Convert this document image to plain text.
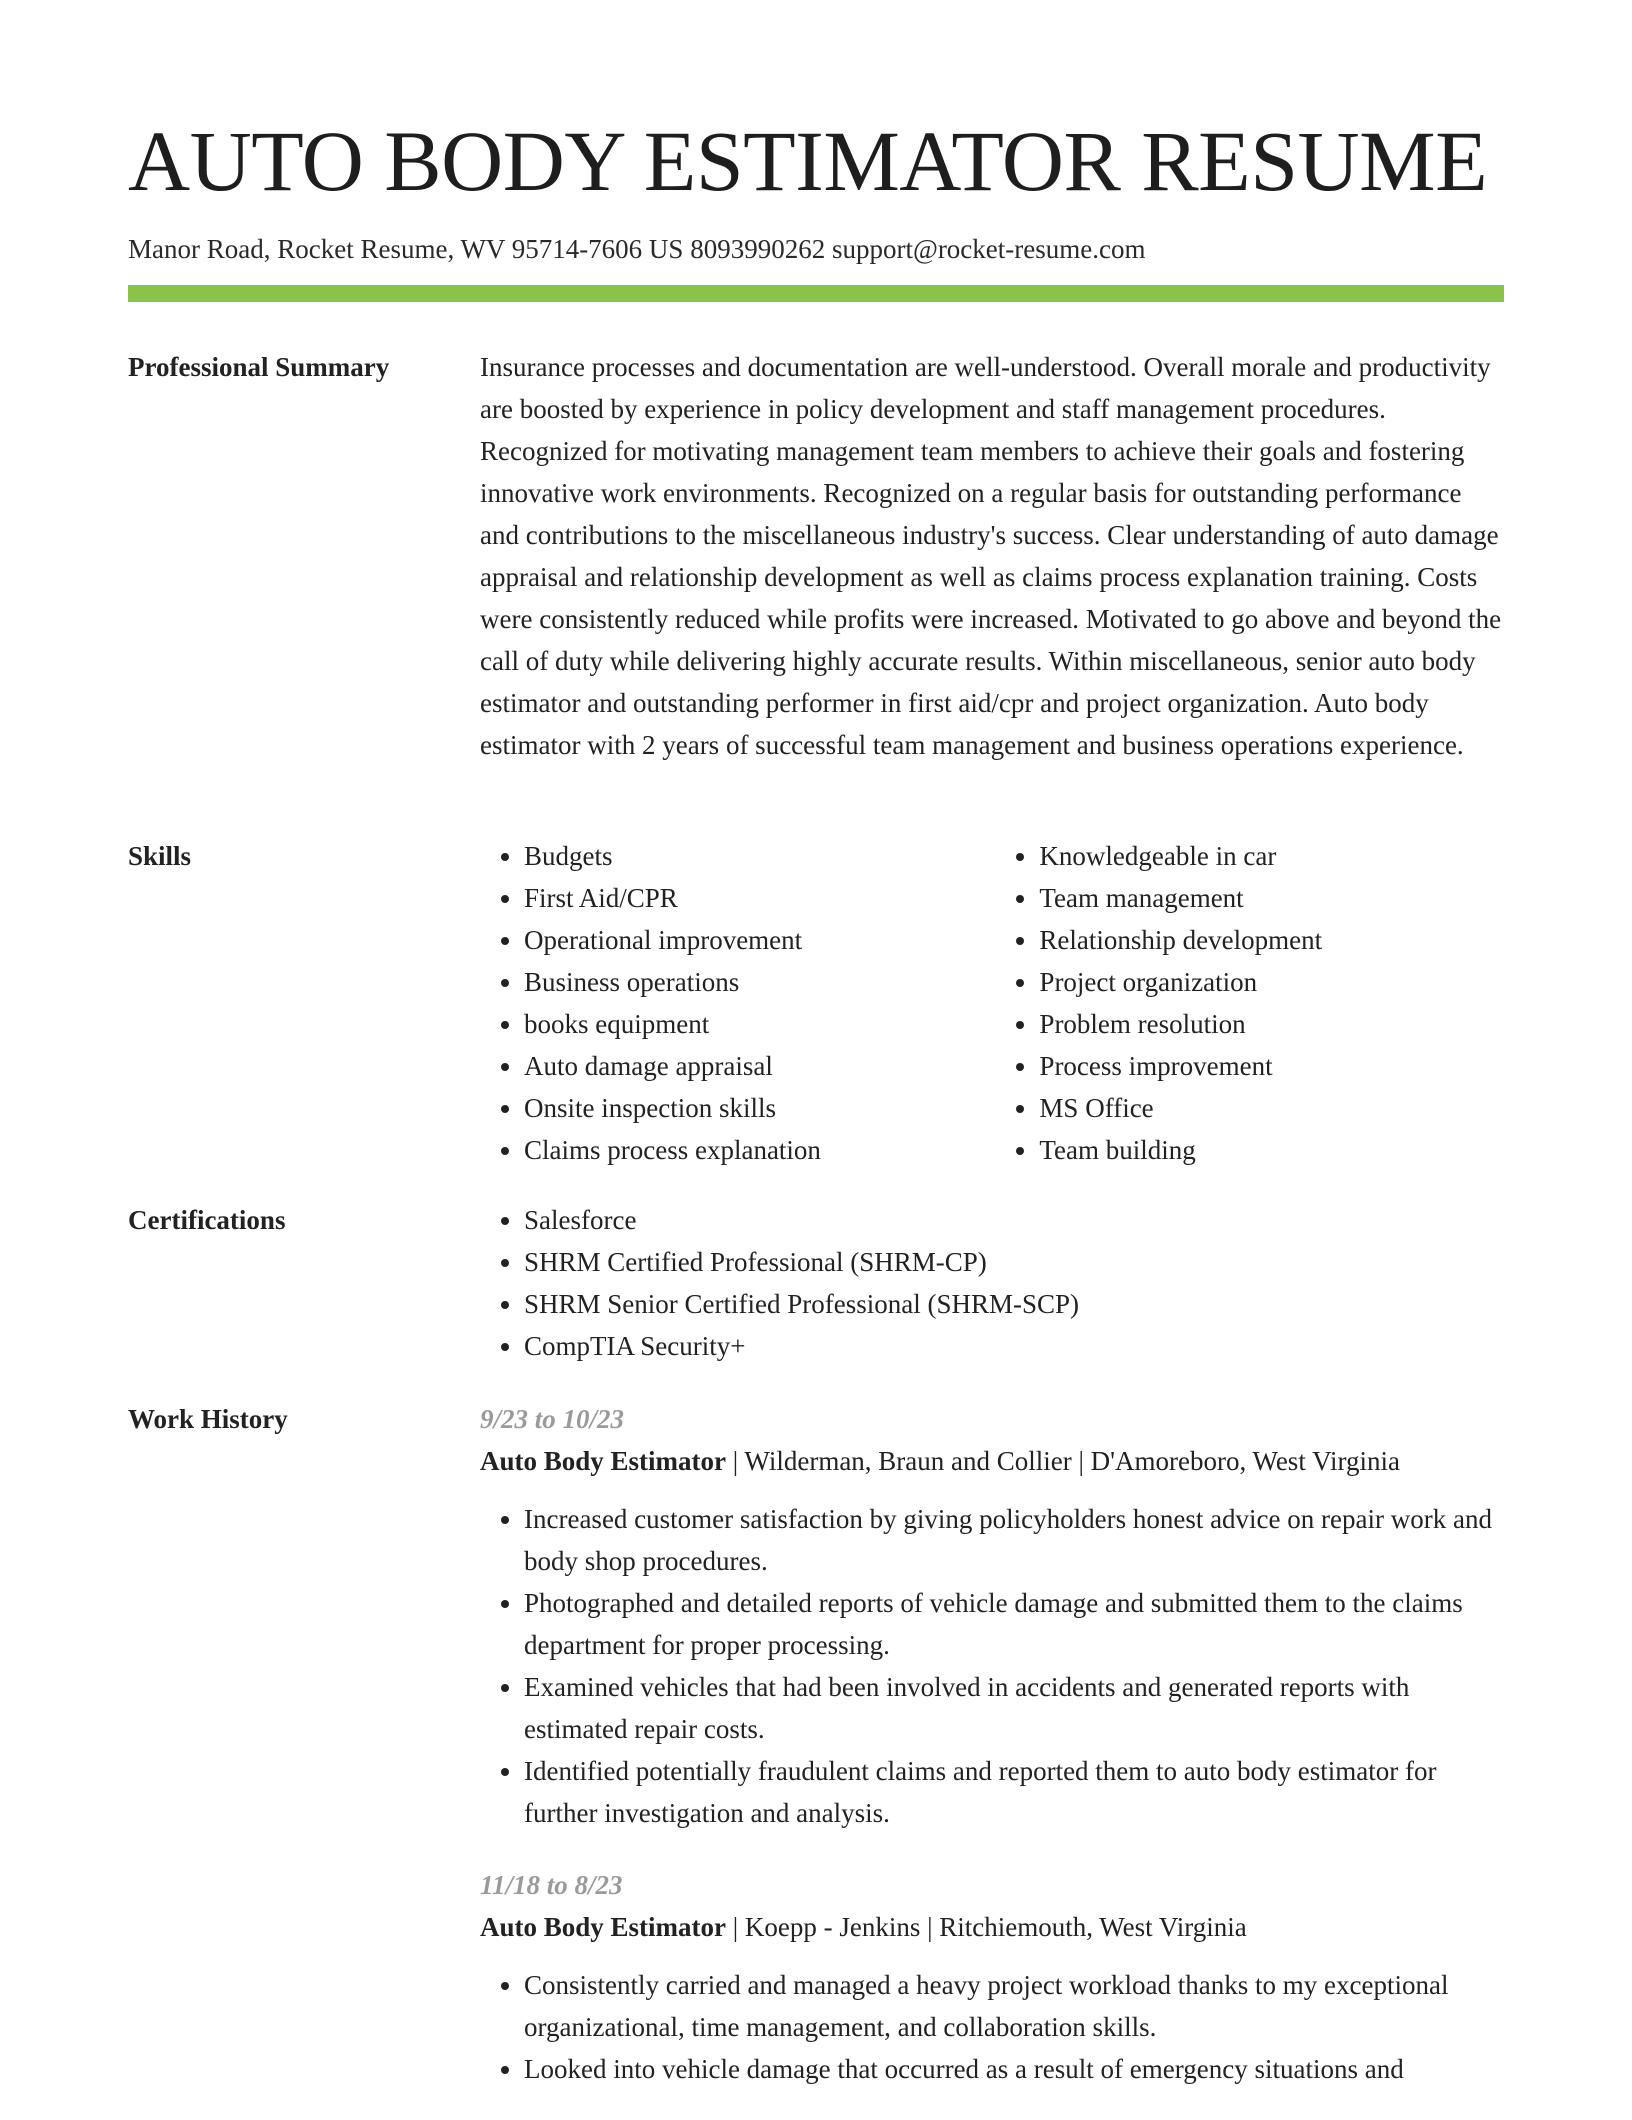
AUTO BODY ESTIMATOR RESUME
Manor Road, Rocket Resume, WV 95714-7606 US 8093990262 support@rocket-resume.com
Professional Summary	Insurance processes and documentation are well-understood. Overall morale and productivity are boosted by experience in policy development and staff management procedures. Recognized for motivating management team members to achieve their goals and fostering innovative work environments. Recognized on a regular basis for outstanding performance and contributions to the miscellaneous industry's success. Clear understanding of auto damage appraisal and relationship development as well as claims process explanation training. Costs were consistently reduced while profits were increased. Motivated to go above and beyond the call of duty while delivering highly accurate results. Within miscellaneous, senior auto body estimator and outstanding performer in first aid/cpr and project organization. Auto body estimator with 2 years of successful team management and business operations experience.

Skills	• Budgets
• First Aid/CPR
• Operational improvement
• Business operations
• books equipment
• Auto damage appraisal
• Onsite inspection skills
• Claims process explanation
• Knowledgeable in car
• Team management
• Relationship development
• Project organization
• Problem resolution
• Process improvement
• MS Office
• Team building
Certifications	• Salesforce
• SHRM Certified Professional (SHRM-CP)
• SHRM Senior Certified Professional (SHRM-SCP)
• CompTIA Security+
Work History	9/23 to 10/23
Auto Body Estimator | Wilderman, Braun and Collier | D'Amoreboro, West Virginia
• Increased customer satisfaction by giving policyholders honest advice on repair work and body shop procedures.
• Photographed and detailed reports of vehicle damage and submitted them to the claims department for proper processing.
• Examined vehicles that had been involved in accidents and generated reports with estimated repair costs.
• Identified potentially fraudulent claims and reported them to auto body estimator for further investigation and analysis.
11/18 to 8/23
Auto Body Estimator | Koepp - Jenkins | Ritchiemouth, West Virginia
• Consistently carried and managed a heavy project workload thanks to my exceptional organizational, time management, and collaboration skills.
• Looked into vehicle damage that occurred as a result of emergency situations and
